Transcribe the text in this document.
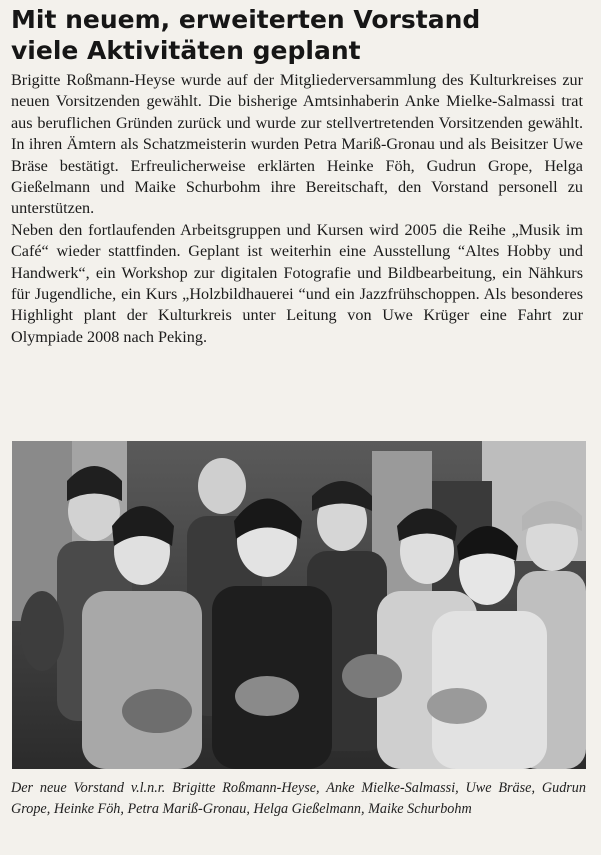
Mit neuem, erweiterten Vorstand
viele Aktivitäten geplant

Brigitte Roßmann-Heyse wurde auf der Mitgliederversammlung des Kulturkreises zur neuen Vorsitzenden gewählt. Die bisherige Amtsinhaberin Anke Mielke-Salmassi trat aus beruflichen Gründen zurück und wurde zur stellvertretenden Vorsitzenden gewählt. In ihren Ämtern als Schatzmeisterin wurden Petra Mariß-Gronau und als Beisitzer Uwe Bräse bestätigt. Erfreulicherweise erklärten Heinke Föh, Gudrun Grope, Helga Gießelmann und Maike Schurbohm ihre Bereitschaft, den Vorstand personell zu unterstützen.

Neben den fortlaufenden Arbeitsgruppen und Kursen wird 2005 die Reihe „Musik im Café“ wieder stattfinden. Geplant ist weiterhin eine Ausstellung “Altes Hobby und Handwerk“, ein Workshop zur digitalen Fotografie und Bildbearbeitung, ein Nähkurs für Jugendliche, ein Kurs „Holzbildhauerei “und ein Jazzfrühschoppen. Als besonderes Highlight plant der Kulturkreis unter Leitung von Uwe Krüger eine Fahrt zur Olympiade 2008 nach Peking.

Der neue Vorstand v.l.n.r. Brigitte Roßmann-Heyse, Anke Mielke-Salmassi, Uwe Bräse, Gudrun Grope, Heinke Föh, Petra Mariß-Gronau, Helga Gießelmann, Maike Schurbohm
